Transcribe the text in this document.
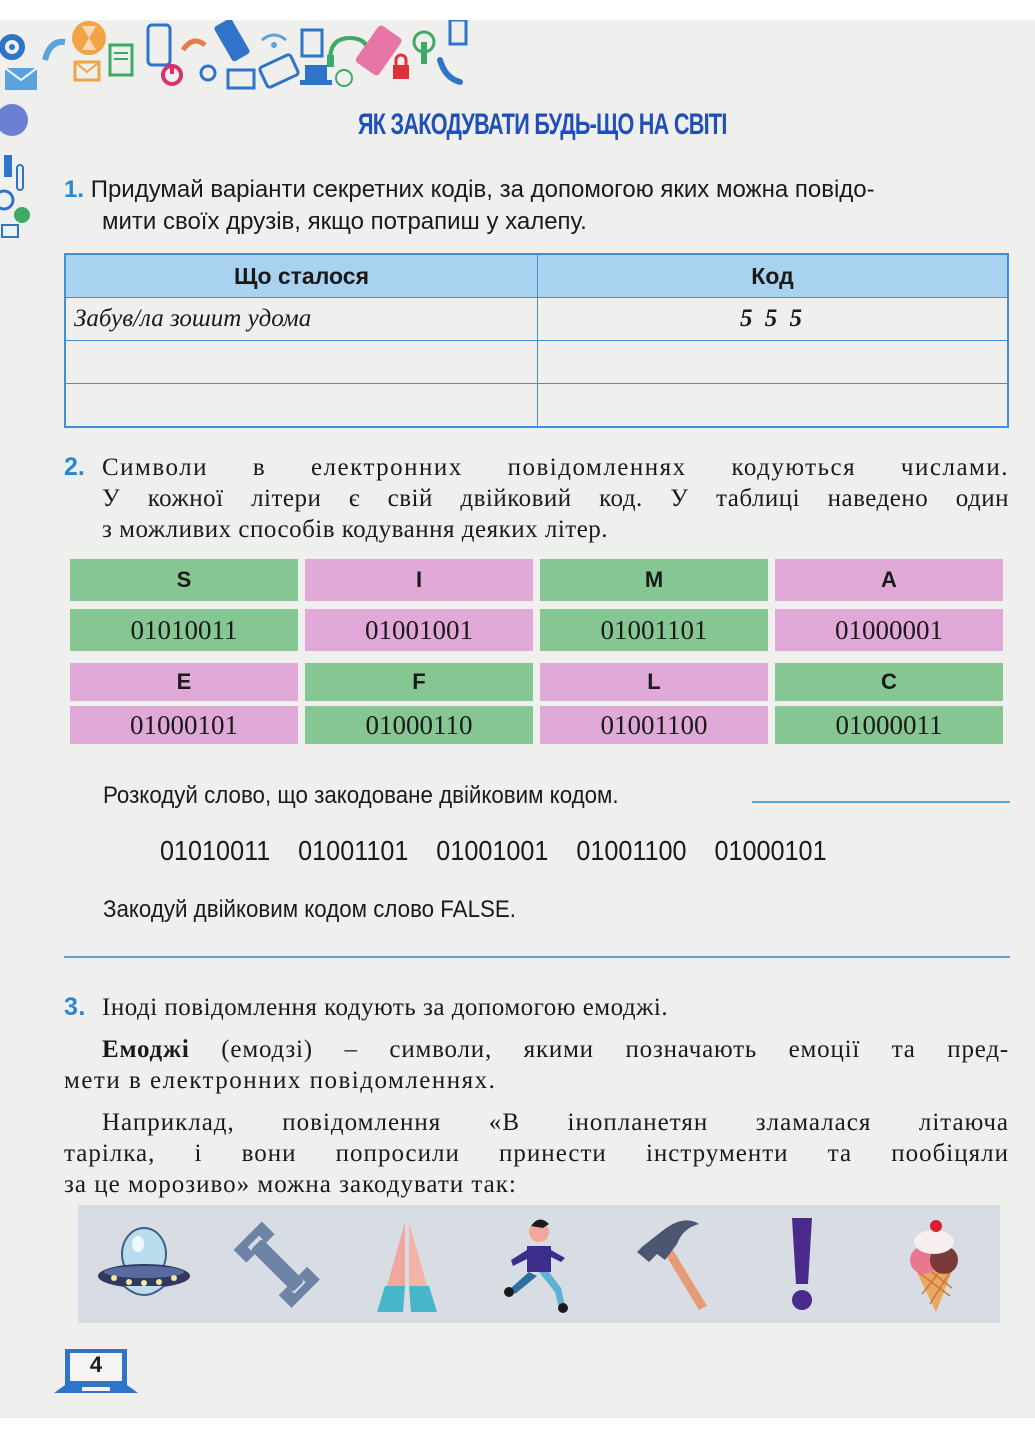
ЯК ЗАКОДУВАТИ БУДЬ-ЩО НА СВІТІ
1. Придумай варіанти секретних кодів, за допомогою яких можна повідо-
мити своїх друзів, якщо потрапиш у халепу.
Що сталося	Код
Забув/ла зошит удома	5 5 5

2. Символи в електронних повідомленнях кодуються числами.
У кожної літери є свій двійковий код. У таблиці наведено один
з можливих способів кодування деяких літер.
S	I	M	A
01010011	01001001	01001101	01000001
E	F	L	C
01000101	01000110	01001100	01000011
Розкодуй слово, що закодоване двійковим кодом.
01010011 01001101 01001001 01001100 01000101
Закодуй двійковим кодом слово FALSE.
3. Іноді повідомлення кодують за допомогою емоджі.
Емоджі (емодзі) – символи, якими позначають емоції та пред-
мети в електронних повідомленнях.
Наприклад, повідомлення «В інопланетян зламалася літаюча
тарілка, і вони попросили принести інструменти та пообіцяли
за це морозиво» можна закодувати так:
4
